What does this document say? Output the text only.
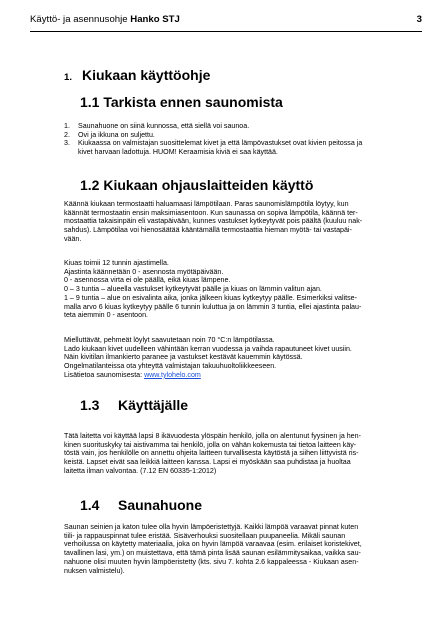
Käyttö- ja asennusohje Hanko STJ	3
1. Kiukaan käyttöohje
1.1 Tarkista ennen saunomista
1. Saunahuone on siinä kunnossa, että siellä voi saunoa.
2. Ovi ja ikkuna on suljettu.
3. Kiukaassa on valmistajan suosittelemat kivet ja että lämpövastukset ovat kivien peitossa ja
kivet harvaan ladottuja. HUOM! Keraamisia kiviä ei saa käyttää.
1.2 Kiukaan ohjauslaitteiden käyttö
Käännä kiukaan termostaatti haluamaasi lämpötilaan. Paras saunomislämpötila löytyy, kun
käännät termostaatin ensin maksimiasentoon. Kun saunassa on sopiva lämpötila, käännä ter-
mostaattia takaisinpäin eli vastapäivään, kunnes vastukset kytkeytyvät pois päältä (kuuluu nak-
sahdus). Lämpötilaa voi hienosäätää kääntämällä termostaattia hieman myötä- tai vastapäi-
vään.
Kiuas toimii 12 tunnin ajastimella.
Ajastinta käännetään 0 - asennosta myötäpäivään.
0 - asennossa virta ei ole päällä, eikä kiuas lämpene.
0 – 3 tuntia – alueella vastukset kytkeytyvät päälle ja kiuas on lämmin valitun ajan.
1 – 9 tuntia – alue on esivalinta aika, jonka jälkeen kiuas kytkeytyy päälle. Esimerkiksi valitse-
malla arvo 6 kiuas kytkeytyy päälle 6 tunnin kuluttua ja on lämmin 3 tuntia, ellei ajastinta palau-
teta aiemmin 0 - asentoon.
Mielluttävät, pehmeät löylyt saavutetaan noin 70 °C:n lämpötilassa.
Lado kiukaan kivet uudelleen vähintään kerran vuodessa ja vaihda rapautuneet kivet uusiin.
Näin kivitilan ilmankierto paranee ja vastukset kestävät kauemmin käytössä.
Ongelmatilanteissa ota yhteyttä valmistajan takuuhuoltoliikkeeseen.
Lisätietoa saunomisesta: www.tylohelo.com
1.3 Käyttäjälle
Tätä laitetta voi käyttää lapsi 8 ikävuodesta ylöspäin henkilö, jolla on alentunut fyysinen ja hen-
kinen suorituskyky tai aistivamma tai henkilö, jolla on vähän kokemusta tai tietoa laitteen käy-
töstä vain, jos henkilölle on annettu ohjeita laitteen turvallisesta käytöstä ja siihen liittyvistä ris-
keistä. Lapset eivät saa leikkiä laitteen kanssa. Lapsi ei myöskään saa puhdistaa ja huoltaa
laitetta ilman valvontaa. (7.12 EN 60335-1:2012)
1.4 Saunahuone
Saunan seinien ja katon tulee olla hyvin lämpöeristettyjä. Kaikki lämpöä varaavat pinnat kuten
tiili- ja rappauspinnat tulee eristää. Sisäverhouksi suositellaan puupaneelia. Mikäli saunan
verhoilussa on käytetty materiaalia, joka on hyvin lämpöä varaavaa (esim. erilaiset koristekivet,
tavallinen lasi, ym.) on muistettava, että tämä pinta lisää saunan esilämmitysaikaa, vaikka sau-
nahuone olisi muuten hyvin lämpöeristetty (kts. sivu 7. kohta 2.6 kappaleessa - Kiukaan asen-
nuksen valmistelu).
